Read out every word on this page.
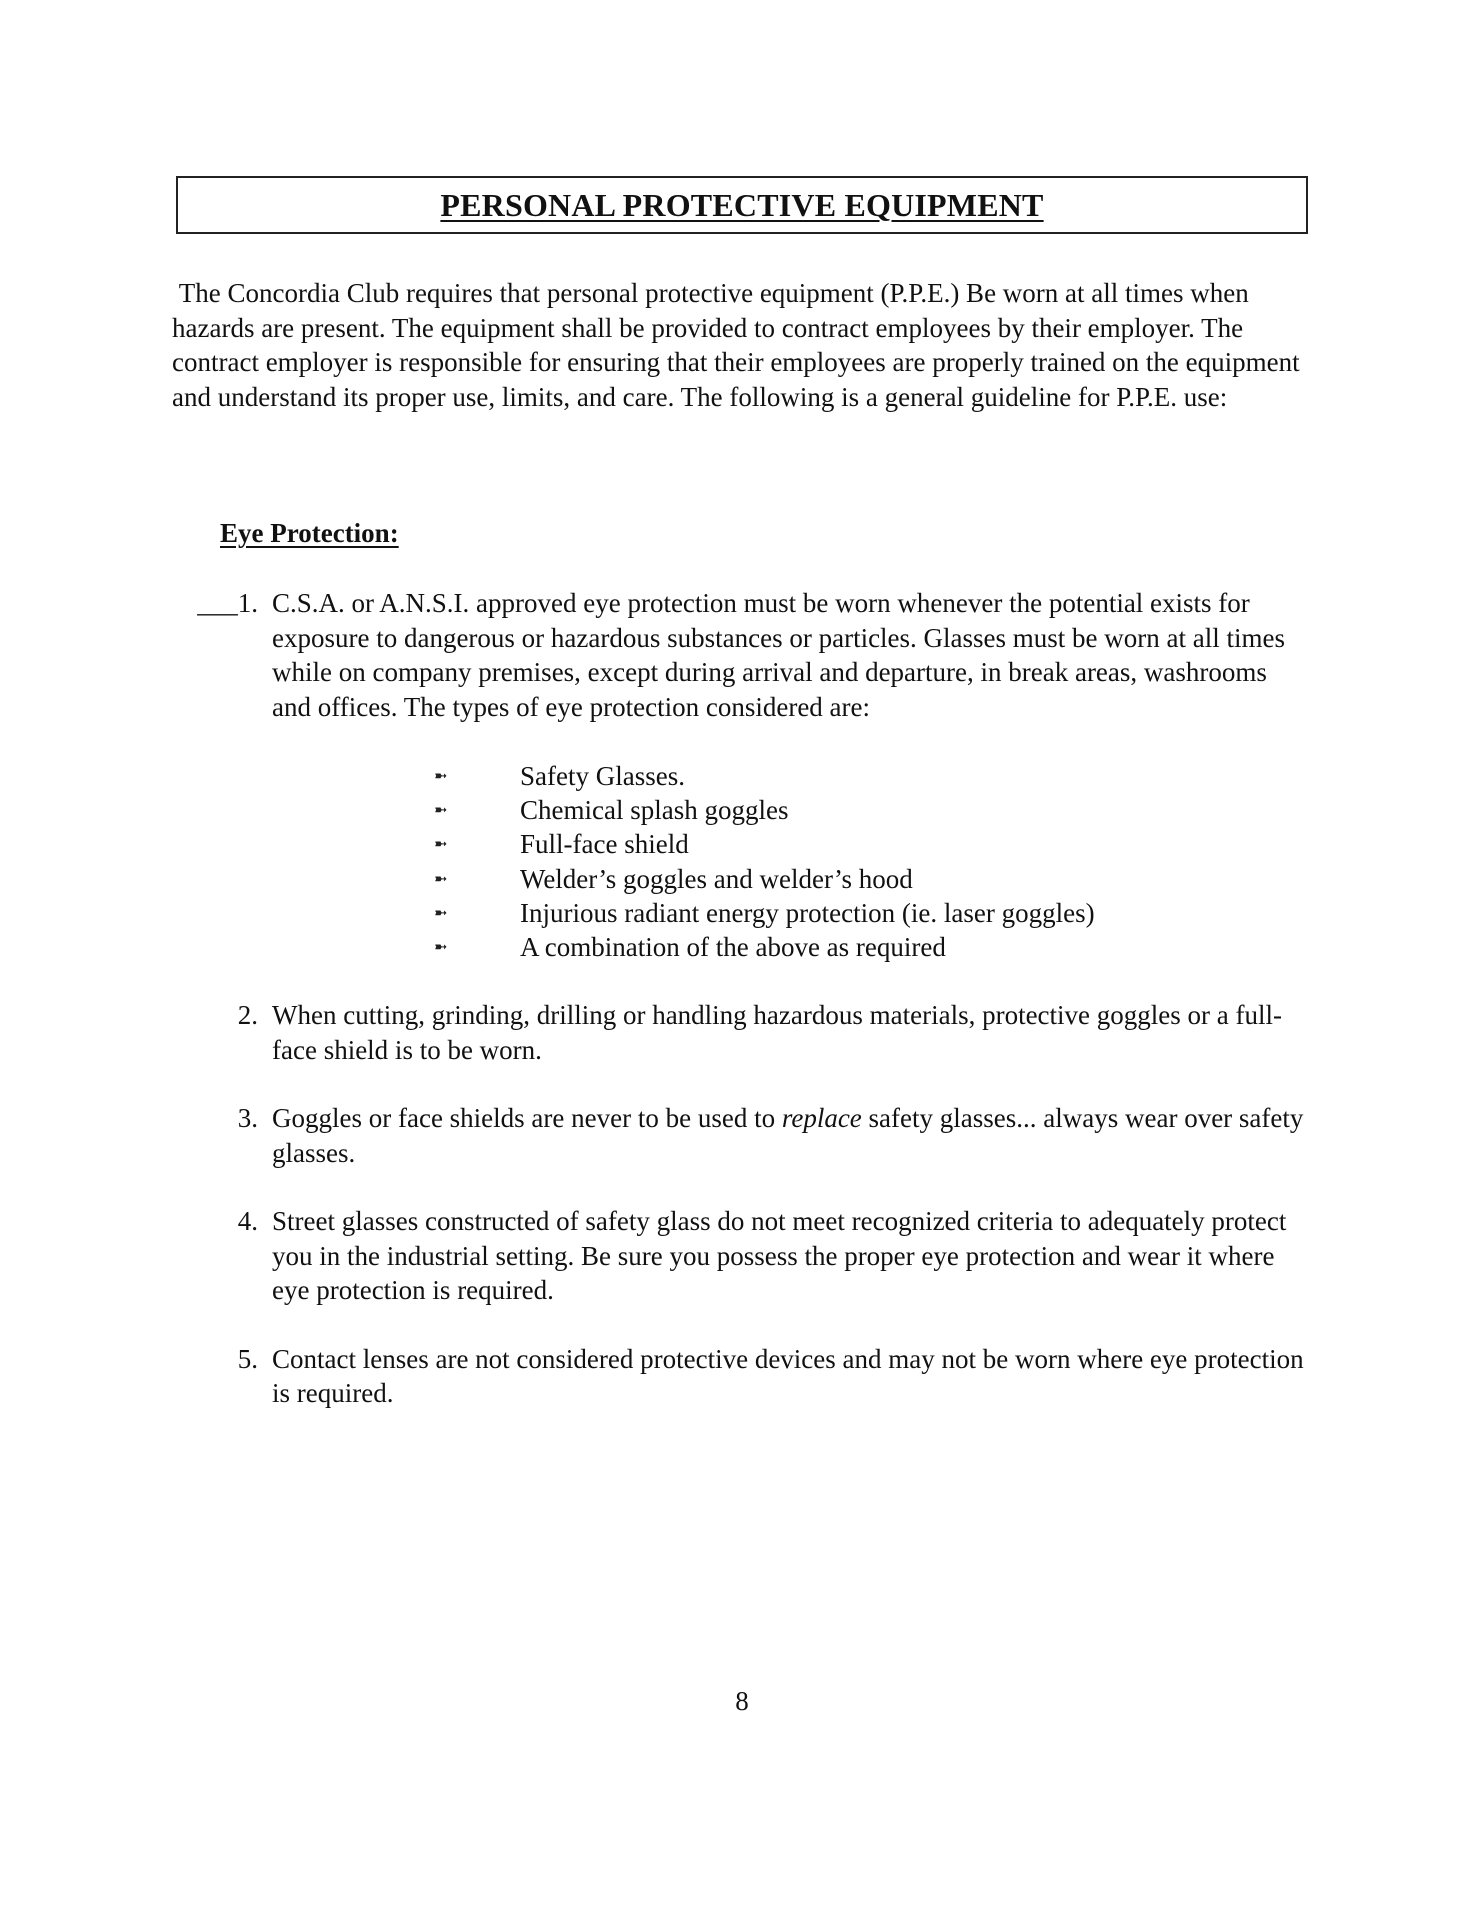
PERSONAL PROTECTIVE EQUIPMENT

The Concordia Club requires that personal protective equipment (P.P.E.) Be worn at all times when hazards are present. The equipment shall be provided to contract employees by their employer. The contract employer is responsible for ensuring that their employees are properly trained on the equipment and understand its proper use, limits, and care. The following is a general guideline for P.P.E. use:

Eye Protection:
___1. C.S.A. or A.N.S.I. approved eye protection must be worn whenever the potential exists for exposure to dangerous or hazardous substances or particles. Glasses must be worn at all times while on company premises, except during arrival and departure, in break areas, washrooms and offices. The types of eye protection considered are:
➼	Safety Glasses.
➼	Chemical splash goggles
➼	Full-face shield
➼	Welder’s goggles and welder’s hood
➼	Injurious radiant energy protection (ie. laser goggles)
➼	A combination of the above as required
2. When cutting, grinding, drilling or handling hazardous materials, protective goggles or a full-face shield is to be worn.
3. Goggles or face shields are never to be used to replace safety glasses... always wear over safety glasses.
4. Street glasses constructed of safety glass do not meet recognized criteria to adequately protect you in the industrial setting. Be sure you possess the proper eye protection and wear it where eye protection is required.
5. Contact lenses are not considered protective devices and may not be worn where eye protection is required.
8
